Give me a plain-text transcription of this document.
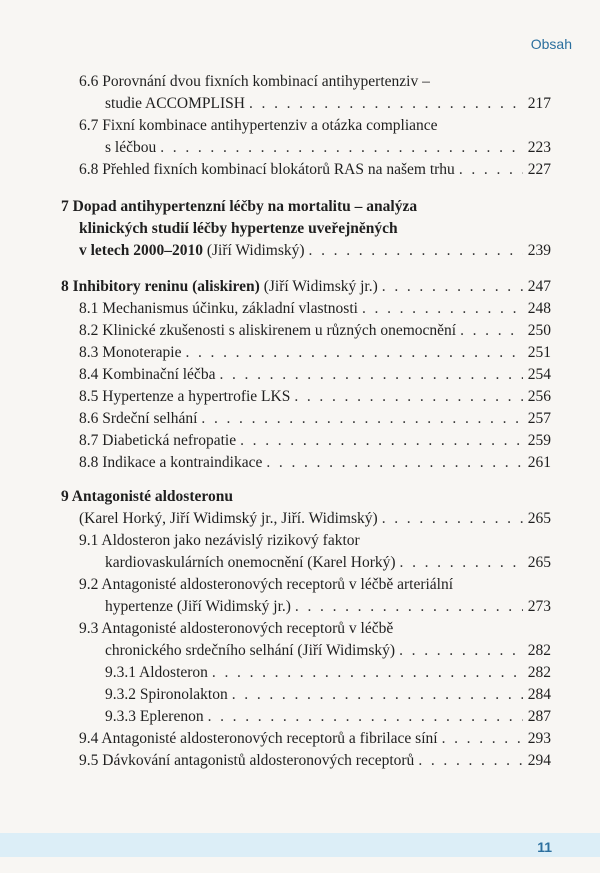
Obsah
6.6 Porovnání dvou fixních kombinací antihypertenziv –
studie ACCOMPLISH . . .	217
6.7 Fixní kombinace antihypertenziv a otázka compliance
s léčbou . . .	223
6.8 Přehled fixních kombinací blokátorů RAS na našem trhu . . .	227
7 Dopad antihypertenzní léčby na mortalitu – analýza
klinických studií léčby hypertenze uveřejněných
v letech 2000–2010 (Jiří Widimský) . . .	239
8 Inhibitory reninu (aliskiren) (Jiří Widimský jr.) . . .	247
8.1 Mechanismus účinku, základní vlastnosti . . .	248
8.2 Klinické zkušenosti s aliskirenem u různých onemocnění . . .	250
8.3 Monoterapie . . .	251
8.4 Kombinační léčba . . .	254
8.5 Hypertenze a hypertrofie LKS . . .	256
8.6 Srdeční selhání . . .	257
8.7 Diabetická nefropatie . . .	259
8.8 Indikace a kontraindikace . . .	261
9 Antagonisté aldosteronu
(Karel Horký, Jiří Widimský jr., Jiří. Widimský) . . .	265
9.1 Aldosteron jako nezávislý rizikový faktor
kardiovaskulárních onemocnění (Karel Horký) . . .	265
9.2 Antagonisté aldosteronových receptorů v léčbě arteriální
hypertenze (Jiří Widimský jr.) . . .	273
9.3 Antagonisté aldosteronových receptorů v léčbě
chronického srdečního selhání (Jiří Widimský) . . .	282
9.3.1 Aldosteron . . .	282
9.3.2 Spironolakton . . .	284
9.3.3 Eplerenon . . .	287
9.4 Antagonisté aldosteronových receptorů a fibrilace síní . . .	293
9.5 Dávkování antagonistů aldosteronových receptorů . . .	294
11
